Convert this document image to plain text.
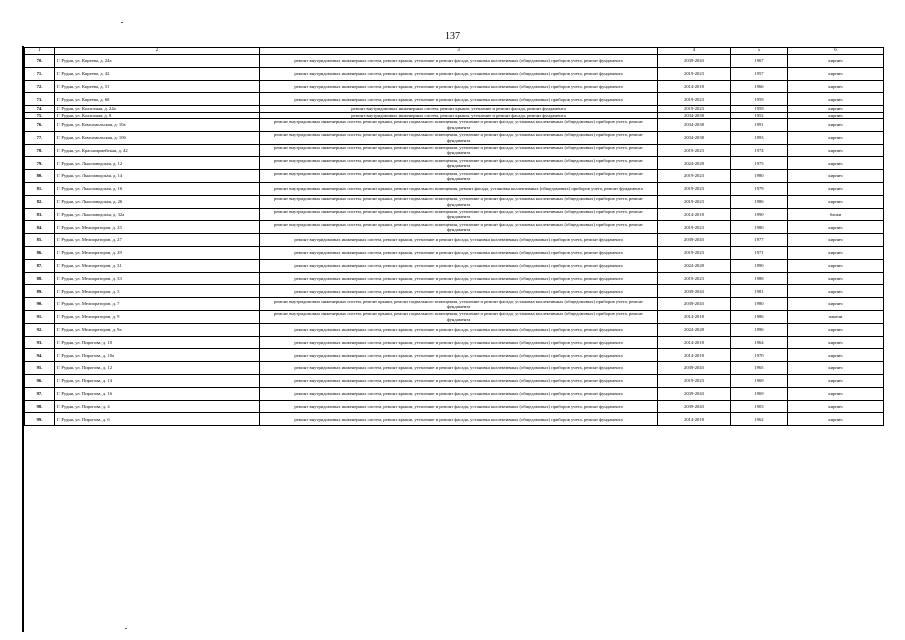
137
1	2	3	4	5	6
70.	Г. Рудня, ул. Киреева, д. 24а	ремонт внутридомовых инженерных систем, ремонт крыши, утепление и ремонт фасада, установка коллективных (общедомовых) приборов учета, ремонт фундамента	2039-2043	1967	кирпич
71.	Г. Рудня, ул. Киреева, д. 42	ремонт внутридомовых инженерных систем, ремонт крыши, утепление и ремонт фасада, установка коллективных (общедомовых) приборов учета, ремонт фундамента	2019-2023	1957	кирпич
72.	Г. Рудня, ул. Киреева, д. 51	ремонт внутридомовых инженерных систем, ремонт крыши, утепление и ремонт фасада, установка коллективных (общедомовых) приборов учета, ремонт фундамента	2014-2018	1966	кирпич
73.	Г. Рудня, ул. Киреева, д. 68	ремонт внутридомовых инженерных систем, ремонт крыши, утепление и ремонт фасада, установка коллективных (общедомовых) приборов учета, ремонт фундамента	2019-2023	1959	кирпич
74.	Г. Рудня, ул. Колхозная, д. 24а	ремонт внутридомовых инженерных систем, ремонт крыши, утепление и ремонт фасада, ремонт фундамента	2019-2023	1959	кирпич
75.	Г. Рудня, ул. Колхозная, д. 8	ремонт внутридомовых инженерных систем, ремонт крыши, утепление и ремонт фасада, ремонт фундамента	2034-2038	1952	кирпич
76.	Г. Рудня, ул. Комсомольская, д. 10а	ремонт внутридомовых инженерных систем, ремонт крыши, ремонт подвального помещения, утепление и ремонт фасада, установка коллективных (общедомовых) приборов учета, ремонт фундамента	2034-2038	1991	кирпич
77.	Г. Рудня, ул. Комсомольская, д. 10б	ремонт внутридомовых инженерных систем, ремонт крыши, ремонт подвального помещения, утепление и ремонт фасада, установка коллективных (общедомовых) приборов учета, ремонт фундамента	2034-2038	1993	кирпич
78.	Г. Рудня, ул. Красноармейская, д. 42	ремонт внутридомовых инженерных систем, ремонт крыши, ремонт подвального помещения, утепление и ремонт фасада, установка коллективных (общедомовых) приборов учета, ремонт фундамента	2019-2023	1974	кирпич
79.	Г. Рудня, ул. Льнозаводская, д. 12	ремонт внутридомовых инженерных систем, ремонт крыши, ремонт подвального помещения, утепление и ремонт фасада, установка коллективных (общедомовых) приборов учета, ремонт фундамента	2024-2028	1975	кирпич
80.	Г. Рудня, ул. Льнозаводская, д. 14	ремонт внутридомовых инженерных систем, ремонт крыши, ремонт подвального помещения, утепление и ремонт фасада, установка коллективных (общедомовых) приборов учета, ремонт фундамента	2019-2023	1980	кирпич
81.	Г. Рудня, ул. Льнозаводская, д. 16	ремонт внутридомовых инженерных систем, ремонт крыши, ремонт подвального помещения, ремонт фасада, установка коллективных (общедомовых) приборов учета, ремонт фундамента	2019-2023	1979	кирпич
82.	Г. Рудня, ул. Льнозаводская, д. 26	ремонт внутридомовых инженерных систем, ремонт крыши, ремонт подвального помещения, утепление и ремонт фасада, установка коллективных (общедомовых) приборов учета, ремонт фундамента	2019-2023	1986	кирпич
83.	Г. Рудня, ул. Льнозаводская, д. 32а	ремонт внутридомовых инженерных систем, ремонт крыши, ремонт подвального помещения, утепление и ремонт фасада, установка коллективных (общедомовых) приборов учета, ремонт фундамента	2014-2018	1990	блоки
84.	Г. Рудня, ул. Мелиораторов, д. 25	ремонт внутридомовых инженерных систем, ремонт крыши, ремонт подвального помещения, утепление и ремонт фасада, установка коллективных (общедомовых) приборов учета, ремонт фундамента	2019-2023	1980	кирпич
85.	Г. Рудня, ул. Мелиораторов, д. 27	ремонт внутридомовых инженерных систем, ремонт крыши, утепление и ремонт фасада, установка коллективных (общедомовых) приборов учета, ремонт фундамента	2039-2043	1977	кирпич
86.	Г. Рудня, ул. Мелиораторов, д. 29	ремонт внутридомовых инженерных систем, ремонт крыши, утепление и ремонт фасада, установка коллективных (общедомовых) приборов учета, ремонт фундамента	2019-2023	1971	кирпич
87.	Г. Рудня, ул. Мелиораторов, д. 31	ремонт внутридомовых инженерных систем, ремонт крыши, утепление и ремонт фасада, установка коллективных (общедомовых) приборов учета, ремонт фундамента	2024-2028	1990	кирпич
88.	Г. Рудня, ул. Мелиораторов, д. 33	ремонт внутридомовых инженерных систем, ремонт крыши, утепление и ремонт фасада, установка коллективных (общедомовых) приборов учета, ремонт фундамента	2019-2023	1988	кирпич
89.	Г. Рудня, ул. Мелиораторов, д. 5	ремонт внутридомовых инженерных систем, ремонт крыши, утепление и ремонт фасада, установка коллективных (общедомовых) приборов учета, ремонт фундамента	2039-2043	1981	кирпич
90.	Г. Рудня, ул. Мелиораторов, д. 7	ремонт внутридомовых инженерных систем, ремонт крыши, ремонт подвального помещения, утепление и ремонт фасада, установка коллективных (общедомовых) приборов учета, ремонт фундамента	2039-2043	1980	кирпич
91.	Г. Рудня, ул. Мелиораторов, д. 9	ремонт внутридомовых инженерных систем, ремонт крыши, ремонт подвального помещения, утепление и ремонт фасада, установка коллективных (общедомовых) приборов учета, ремонт фундамента	2014-2018	1986	панели
92.	Г. Рудня, ул. Мелиораторов, д. 9а	ремонт внутридомовых инженерных систем, ремонт крыши, утепление и ремонт фасада, установка коллективных (общедомовых) приборов учета, ремонт фундамента	2024-2028	1996	кирпич
93.	Г. Рудня, ул. Пирогова, д. 10	ремонт внутридомовых инженерных систем, ремонт крыши, утепление и ремонт фасада, установка коллективных (общедомовых) приборов учета, ремонт фундамента	2014-2018	1964	кирпич
94.	Г. Рудня, ул. Пирогова, д. 10а	ремонт внутридомовых инженерных систем, ремонт крыши, утепление и ремонт фасада, установка коллективных (общедомовых) приборов учета, ремонт фундамента	2014-2018	1970	кирпич
95.	Г. Рудня, ул. Пирогова, д. 12	ремонт внутридомовых инженерных систем, ремонт крыши, утепление и ремонт фасада, установка коллективных (общедомовых) приборов учета, ремонт фундамента	2039-2043	1965	кирпич
96.	Г. Рудня, ул. Пирогова, д. 14	ремонт внутридомовых инженерных систем, ремонт крыши, утепление и ремонт фасада, установка коллективных (общедомовых) приборов учета, ремонт фундамента	2019-2023	1969	кирпич
97.	Г. Рудня, ул. Пирогова, д. 16	ремонт внутридомовых инженерных систем, ремонт крыши, утепление и ремонт фасада, установка коллективных (общедомовых) приборов учета, ремонт фундамента	2039-2043	1969	кирпич
98.	Г. Рудня, ул. Пирогова, д. 4	ремонт внутридомовых инженерных систем, ремонт крыши, утепление и ремонт фасада, установка коллективных (общедомовых) приборов учета, ремонт фундамента	2039-2043	1903	кирпич
99.	Г. Рудня, ул. Пирогова, д. 6	ремонт внутридомовых инженерных систем, ремонт крыши, утепление и ремонт фасада, установка коллективных (общедомовых) приборов учета, ремонт фундамента	2014-2018	1962	кирпич
